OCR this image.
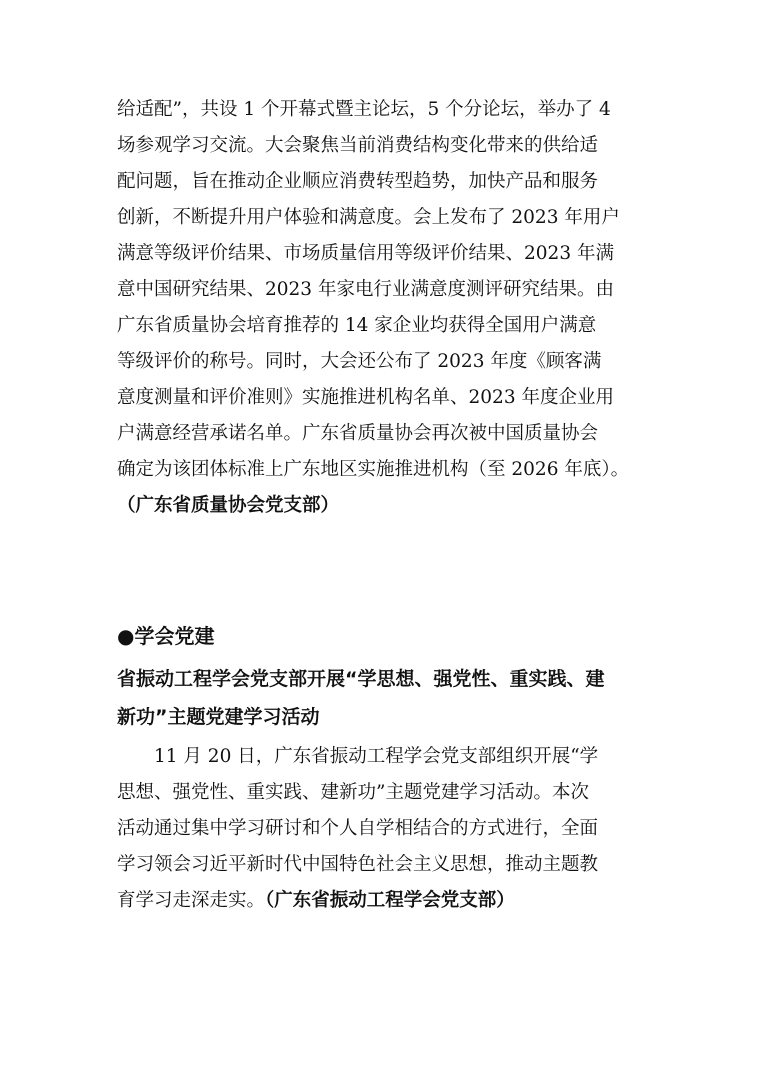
给适配”，共设 1 个开幕式暨主论坛，5 个分论坛，举办了 4
场参观学习交流。大会聚焦当前消费结构变化带来的供给适
配问题，旨在推动企业顺应消费转型趋势，加快产品和服务
创新，不断提升用户体验和满意度。会上发布了 2023 年用户
满意等级评价结果、市场质量信用等级评价结果、2023 年满
意中国研究结果、2023 年家电行业满意度测评研究结果。由
广东省质量协会培育推荐的 14 家企业均获得全国用户满意
等级评价的称号。同时，大会还公布了 2023 年度《顾客满
意度测量和评价准则》实施推进机构名单、2023 年度企业用
户满意经营承诺名单。广东省质量协会再次被中国质量协会
确定为该团体标准上广东地区实施推进机构（至 2026 年底）。
（广东省质量协会党支部）
●学会党建
省振动工程学会党支部开展“学思想、强党性、重实践、建
新功”主题党建学习活动
　　11 月 20 日，广东省振动工程学会党支部组织开展“学
思想、强党性、重实践、建新功”主题党建学习活动。本次
活动通过集中学习研讨和个人自学相结合的方式进行，全面
学习领会习近平新时代中国特色社会主义思想，推动主题教
育学习走深走实。（广东省振动工程学会党支部）
